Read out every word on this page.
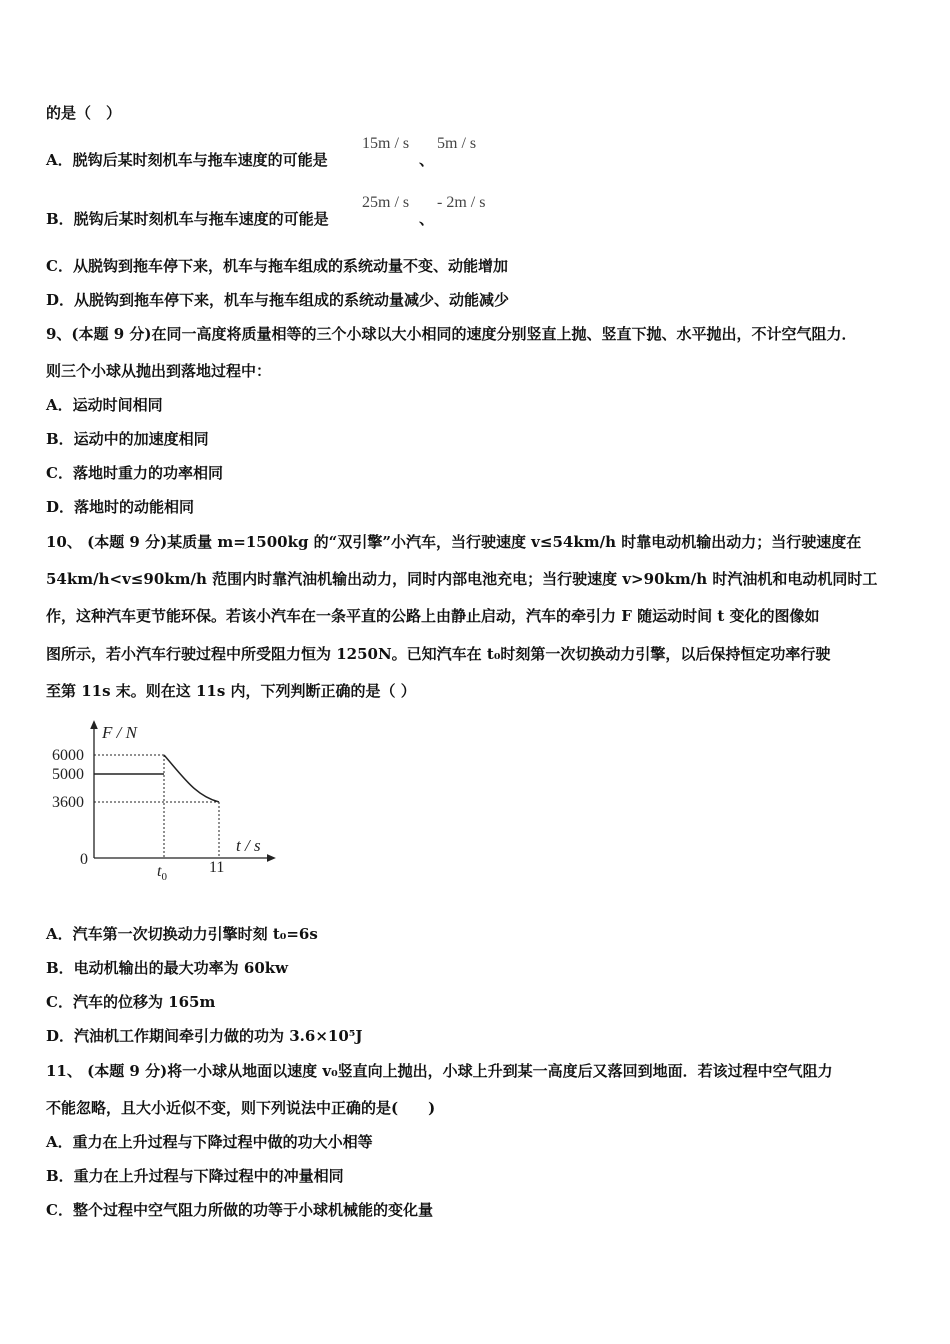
的是（　）
A．脱钩后某时刻机车与拖车速度的可能是
15m / s
、
5m / s
B．脱钩后某时刻机车与拖车速度的可能是
25m / s
、
- 2m / s
C．从脱钩到拖车停下来，机车与拖车组成的系统动量不变、动能增加
D．从脱钩到拖车停下来，机车与拖车组成的系统动量减少、动能减少
9、(本题 9 分)在同一高度将质量相等的三个小球以大小相同的速度分别竖直上抛、竖直下抛、水平抛出，不计空气阻力．
则三个小球从抛出到落地过程中：
A．运动时间相同
B．运动中的加速度相同
C．落地时重力的功率相同
D．落地时的动能相同
10、 (本题 9 分)某质量 m=1500kg 的“双引擎”小汽车，当行驶速度 v≤54km/h 时靠电动机输出动力；当行驶速度在
54km/h<v≤90km/h 范围内时靠汽油机输出动力，同时内部电池充电；当行驶速度 v>90km/h 时汽油机和电动机同时工
作，这种汽车更节能环保。若该小汽车在一条平直的公路上由静止启动，汽车的牵引力 F 随运动时间 t 变化的图像如
图所示，若小汽车行驶过程中所受阻力恒为 1250N。已知汽车在 t₀时刻第一次切换动力引擎，以后保持恒定功率行驶
至第 11s 末。则在这 11s 内，下列判断正确的是（ ）
F / N
t / s
0
6000
5000
3600
$t_0$
11
A．汽车第一次切换动力引擎时刻 t₀=6s
B．电动机输出的最大功率为 60kw
C．汽车的位移为 165m
D．汽油机工作期间牵引力做的功为 3.6×10⁵J
11、 (本题 9 分)将一小球从地面以速度 v₀竖直向上抛出，小球上升到某一高度后又落回到地面．若该过程中空气阻力
不能忽略，且大小近似不变，则下列说法中正确的是(　　)
A．重力在上升过程与下降过程中做的功大小相等
B．重力在上升过程与下降过程中的冲量相同
C．整个过程中空气阻力所做的功等于小球机械能的变化量
